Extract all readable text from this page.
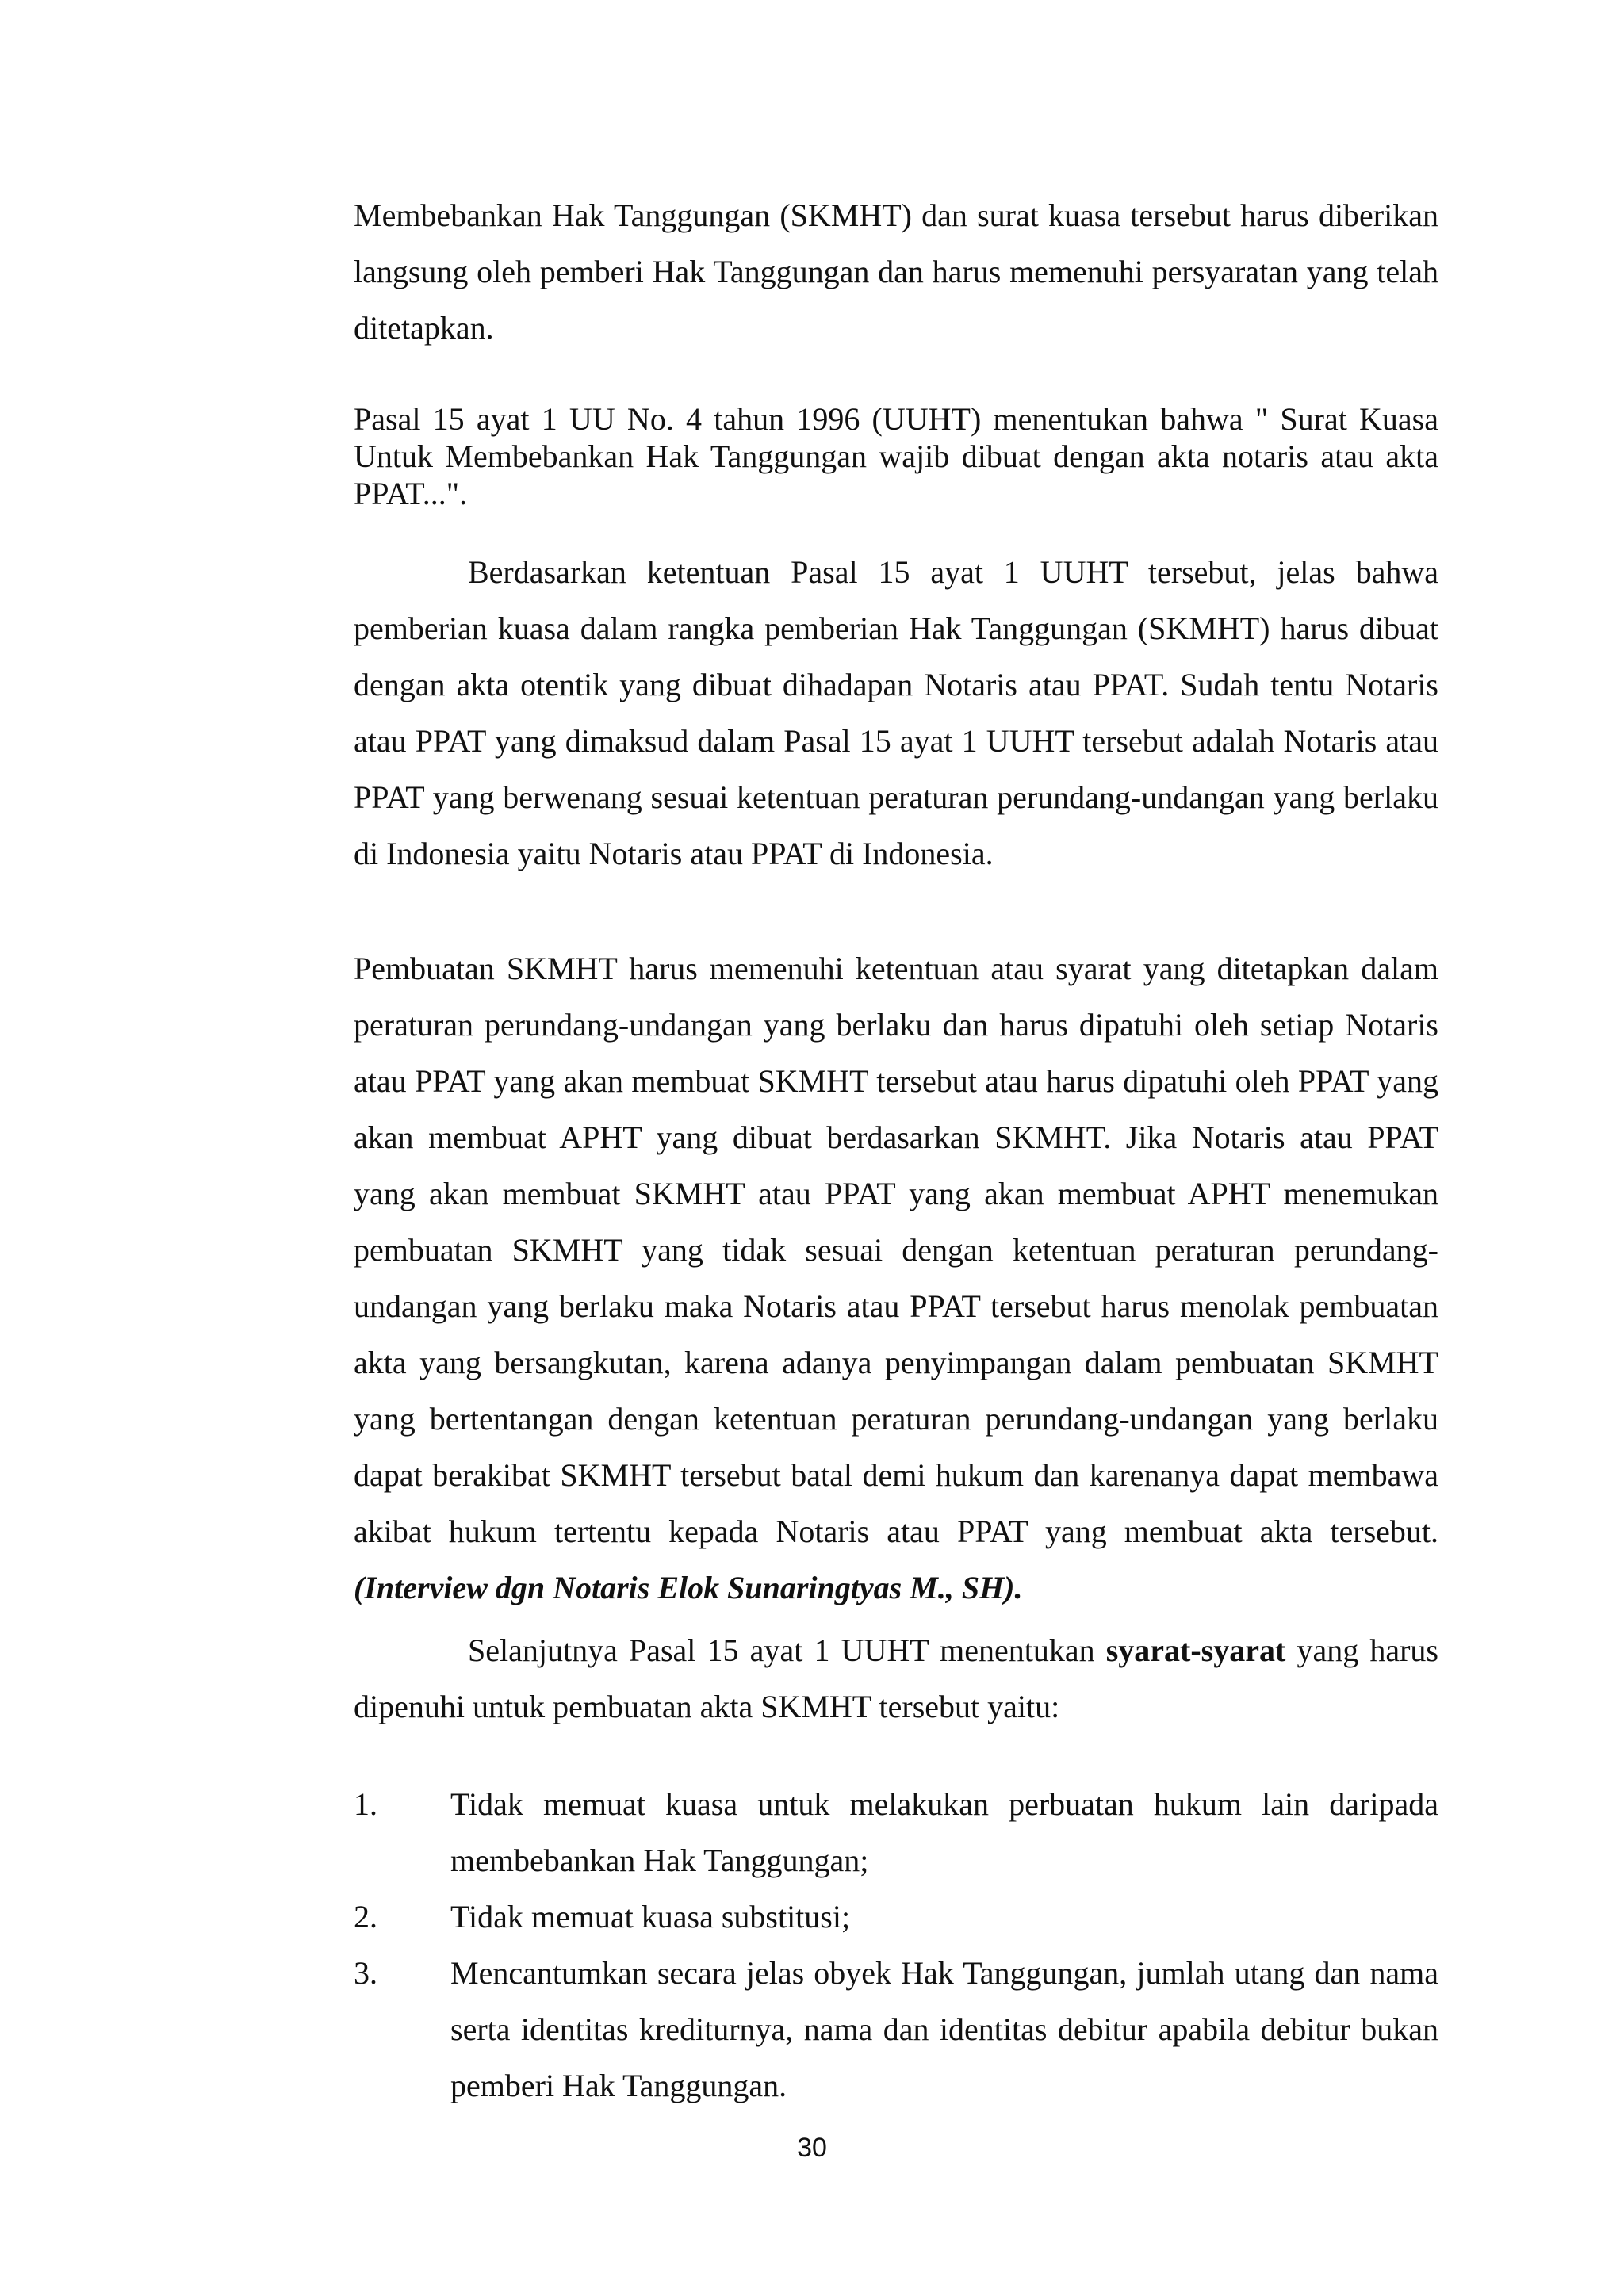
Membebankan Hak Tanggungan (SKMHT) dan surat kuasa tersebut harus diberikan langsung oleh pemberi Hak Tanggungan dan harus memenuhi persyaratan yang telah ditetapkan.

Pasal 15 ayat 1 UU No. 4 tahun 1996 (UUHT) menentukan bahwa " Surat Kuasa Untuk Membebankan Hak Tanggungan wajib dibuat dengan akta notaris atau akta PPAT...".

Berdasarkan ketentuan Pasal 15 ayat 1 UUHT tersebut, jelas bahwa pemberian kuasa dalam rangka pemberian Hak Tanggungan (SKMHT) harus dibuat dengan akta otentik yang dibuat dihadapan Notaris atau PPAT. Sudah tentu Notaris atau PPAT yang dimaksud dalam Pasal 15 ayat 1 UUHT tersebut adalah Notaris atau PPAT yang berwenang sesuai ketentuan peraturan perundang-undangan yang berlaku di Indonesia yaitu Notaris atau PPAT di Indonesia.

Pembuatan SKMHT harus memenuhi ketentuan atau syarat yang ditetapkan dalam peraturan perundang-undangan yang berlaku dan harus dipatuhi oleh setiap Notaris atau PPAT yang akan membuat SKMHT tersebut atau harus dipatuhi oleh PPAT yang akan membuat APHT yang dibuat berdasarkan SKMHT. Jika Notaris atau PPAT yang akan membuat SKMHT atau PPAT yang akan membuat APHT menemukan pembuatan SKMHT yang tidak sesuai dengan ketentuan peraturan perundang-undangan yang berlaku maka Notaris atau PPAT tersebut harus menolak pembuatan akta yang bersangkutan, karena adanya penyimpangan dalam pembuatan SKMHT yang bertentangan dengan ketentuan peraturan perundang-undangan yang berlaku dapat berakibat SKMHT tersebut batal demi hukum dan karenanya dapat membawa akibat hukum tertentu kepada Notaris atau PPAT yang membuat akta tersebut.(Interview dgn Notaris Elok Sunaringtyas M., SH).

Selanjutnya Pasal 15 ayat 1 UUHT menentukan syarat-syarat yang harus dipenuhi untuk pembuatan akta SKMHT tersebut yaitu:

1.	Tidak memuat kuasa untuk melakukan perbuatan hukum lain daripada membebankan Hak Tanggungan;
2.	Tidak memuat kuasa substitusi;
3.	Mencantumkan secara jelas obyek Hak Tanggungan, jumlah utang dan nama serta identitas krediturnya, nama dan identitas debitur apabila debitur bukan pemberi Hak Tanggungan.
30
